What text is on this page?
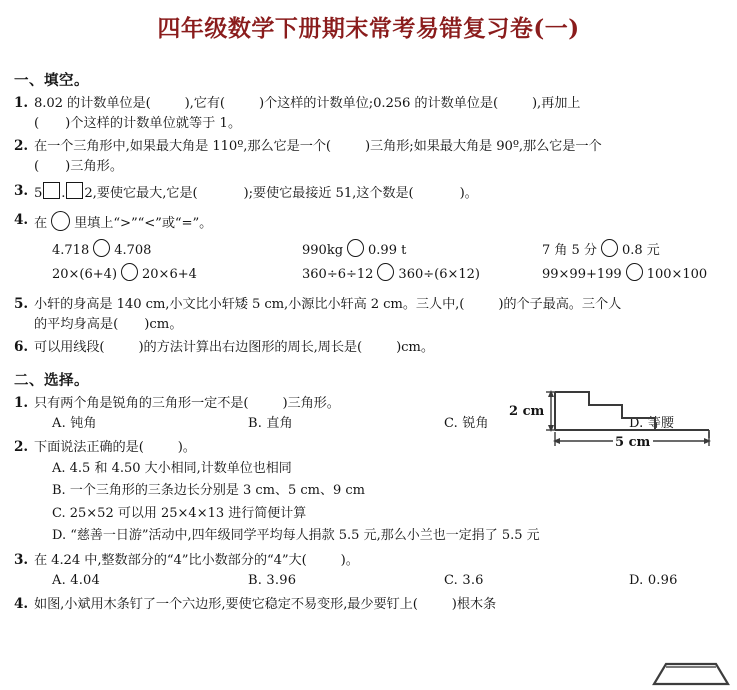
四年级数学下册期末常考易错复习卷(一)
一、填空。
1. 8.02 的计数单位是(	),它有(	)个这样的计数单位;0.256 的计数单位是(	),再加上
( )个这样的计数单位就等于 1。
2. 在一个三角形中,如果最大角是 110º,那么它是一个(	)三角形;如果最大角是 90º,那么它是一个
( )三角形。
3. 5 . 2,要使它最大,它是(	);要使它最接近 51,这个数是(	)。
4. 在 里填上“>”“<”或“=”。
4.718 4.708	990kg 0.99 t	7 角 5 分 0.8 元
20×(6+4) 20×6+4	360÷6÷12 360÷(6×12)	99×99+199 100×100
5. 小轩的身高是 140 cm,小文比小轩矮 5 cm,小源比小轩高 2 cm。三人中,(	)的个子最高。三个人
的平均身高是( )cm。
6. 可以用线段(	)的方法计算出右边图形的周长,周长是(	)cm。
二、选择。
1. 只有两个角是锐角的三角形一定不是(	)三角形。
A. 钝角	B. 直角	C. 锐角	D. 等腰
2. 下面说法正确的是(	)。
A. 4.5 和 4.50 大小相同,计数单位也相同
B. 一个三角形的三条边长分别是 3 cm、5 cm、9 cm
C. 25×52 可以用 25×4×13 进行简便计算
D. “慈善一日游”活动中,四年级同学平均每人捐款 5.5 元,那么小兰也一定捐了 5.5 元
3. 在 4.24 中,整数部分的“4”比小数部分的“4”大(	)。
A. 4.04	B. 3.96	C. 3.6	D. 0.96
4. 如图,小斌用木条钉了一个六边形,要使它稳定不易变形,最少要钉上(	)根木条
2 cm
5 cm
